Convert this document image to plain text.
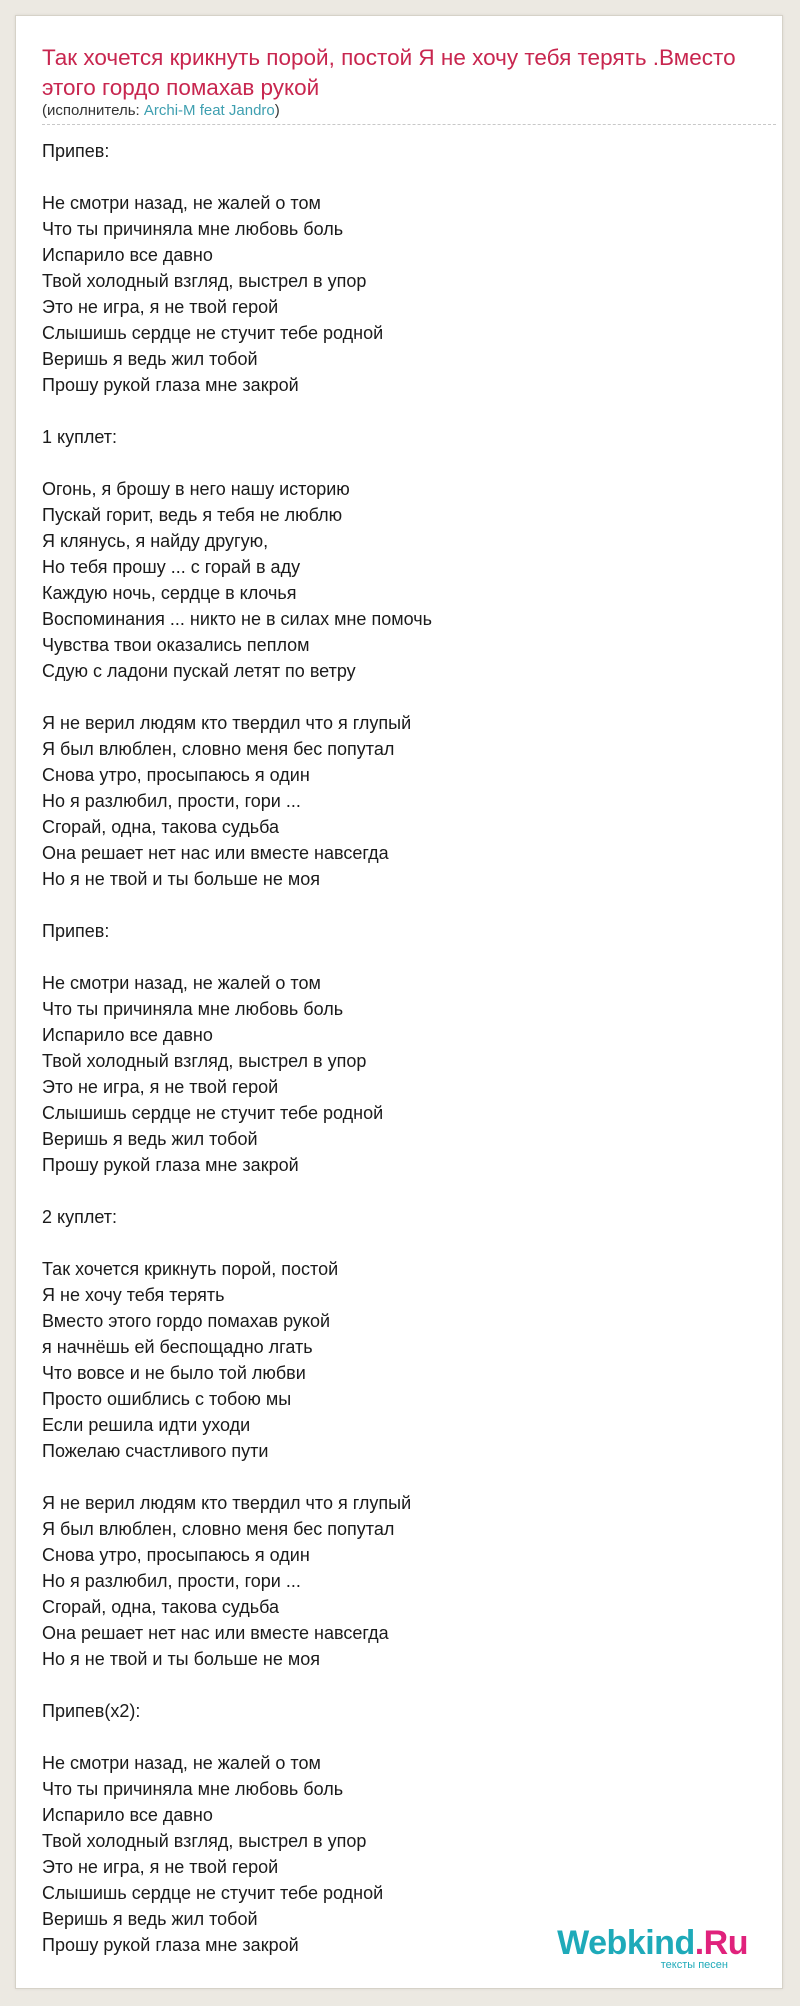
Так хочется крикнуть порой, постой Я не хочу тебя терять .Вместо этого гордо помахав рукой
(исполнитель: Archi-M feat Jandro)
Припев:
Не смотри назад, не жалей о том
Что ты причиняла мне любовь боль
Испарило все давно
Твой холодный взгляд, выстрел в упор
Это не игра, я не твой герой
Слышишь сердце не стучит тебе родной
Веришь я ведь жил тобой
Прошу рукой глаза мне закрой
1 куплет:
Огонь, я брошу в него нашу историю
Пускай горит, ведь я тебя не люблю
Я клянусь, я найду другую,
Но тебя прошу ... с горай в аду
Каждую ночь, сердце в клочья
Воспоминания ... никто не в силах мне помочь
Чувства твои оказались пеплом
Сдую с ладони пускай летят по ветру
Я не верил людям кто твердил что я глупый
Я был влюблен, словно меня бес попутал
Снова утро, просыпаюсь я один
Но я разлюбил, прости, гори ...
Сгорай, одна, такова судьба
Она решает нет нас или вместе навсегда
Но я не твой и ты больше не моя
Припев:
Не смотри назад, не жалей о том
Что ты причиняла мне любовь боль
Испарило все давно
Твой холодный взгляд, выстрел в упор
Это не игра, я не твой герой
Слышишь сердце не стучит тебе родной
Веришь я ведь жил тобой
Прошу рукой глаза мне закрой
2 куплет:
Так хочется крикнуть порой, постой
Я не хочу тебя терять
Вместо этого гордо помахав рукой
я начнёшь ей беспощадно лгать
Что вовсе и не было той любви
Просто ошиблись с тобою мы
Если решила идти уходи
Пожелаю счастливого пути
Я не верил людям кто твердил что я глупый
Я был влюблен, словно меня бес попутал
Снова утро, просыпаюсь я один
Но я разлюбил, прости, гори ...
Сгорай, одна, такова судьба
Она решает нет нас или вместе навсегда
Но я не твой и ты больше не моя
Припев(x2):
Не смотри назад, не жалей о том
Что ты причиняла мне любовь боль
Испарило все давно
Твой холодный взгляд, выстрел в упор
Это не игра, я не твой герой
Слышишь сердце не стучит тебе родной
Веришь я ведь жил тобой
Прошу рукой глаза мне закрой	Webkind.Ru
тексты песен
